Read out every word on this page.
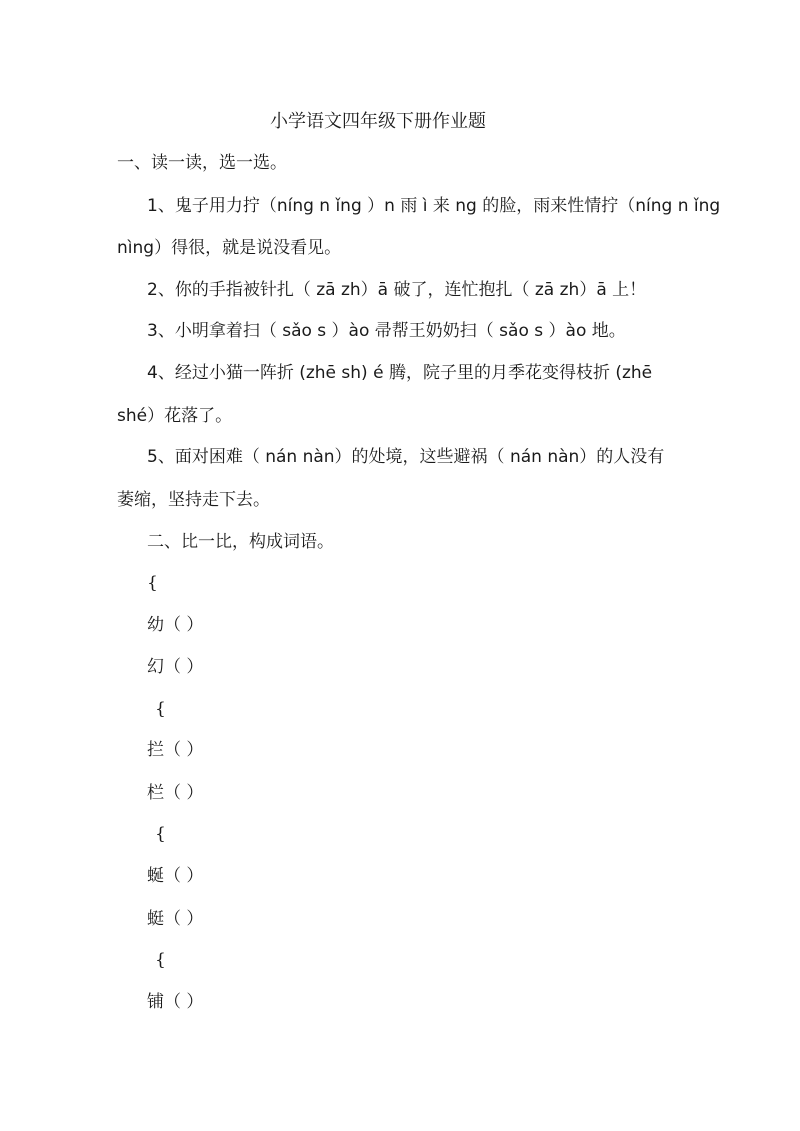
小学语文四年级下册作业题
一、读一读，选一选。
1、鬼子用力拧（níng n ǐng ）n 雨 ì 来 ng 的脸，雨来性情拧（níng n ǐng
nìng）得很，就是说没看见。
2、你的手指被针扎（ zā zh）ā 破了，连忙抱扎（ zā zh）ā 上！
3、小明拿着扫（ sǎo s ）ào 帚帮王奶奶扫（ sǎo s ）ào 地。
4、经过小猫一阵折 (zhē sh) é 腾，院子里的月季花变得枝折 (zhē
shé）花落了。
5、面对困难（ nán nàn）的处境，这些避祸（ nán nàn）的人没有
萎缩，坚持走下去。
二、比一比，构成词语。
{
幼（ ）
幻（ ）
{
拦（ ）
栏（ ）
{
蜒（ ）
蜓（ ）
{
铺（ ）
